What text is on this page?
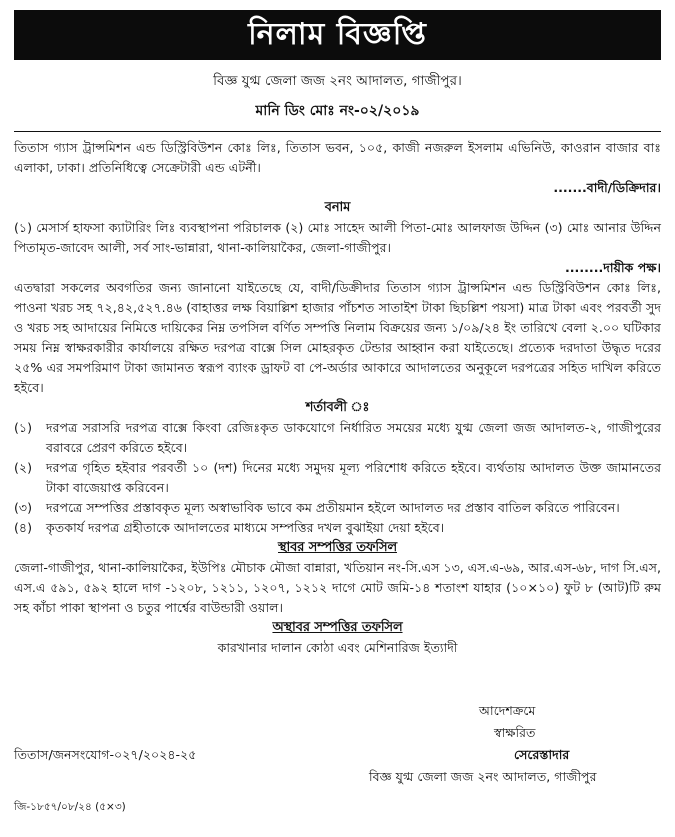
নিলাম বিজ্ঞপ্তি
বিজ্ঞ যুগ্ম জেলা জজ ২নং আদালত, গাজীপুর।
মানি ডিং মোঃ নং-০২/২০১৯

তিতাস গ্যাস ট্রান্সমিশন এন্ড ডিস্ট্রিবিউশন কোঃ লিঃ, তিতাস ভবন, ১০৫, কাজী নজরুল ইসলাম এভিনিউ, কাওরান বাজার বাঃ এলাকা, ঢাকা। প্রতিনিধিত্বে সেক্রেটারী এন্ড এটর্নী।

.......বাদী/ডিক্রিদার।

বনাম

(১) মেসার্স হাফসা ক্যাটারিং লিঃ ব্যবস্থাপনা পরিচালক (২) মোঃ সাহেদ আলী পিতা-মোঃ আলফাজ উদ্দিন (৩) মোঃ আনার উদ্দিন পিতামৃত-জাবেদ আলী, সর্ব সাং-ভান্নারা, থানা-কালিয়াকৈর, জেলা-গাজীপুর।

........দায়ীক পক্ষ।

এতদ্বারা সকলের অবগতির জন্য জানানো যাইতেছে যে, বাদী/ডিক্রীদার তিতাস গ্যাস ট্রান্সমিশন এন্ড ডিস্ট্রিবিউশন কোঃ লিঃ, পাওনা খরচ সহ ৭২,৪২,৫২৭.৪৬ (বাহাত্তর লক্ষ বিয়াল্লিশ হাজার পাঁচশত সাতাইশ টাকা ছিচল্লিশ পয়সা) মাত্র টাকা এবং পরবর্তী সুদ ও খরচ সহ আদায়ের নিমিত্তে দায়িকের নিম্ন তপসিল বর্ণিত সম্পত্তি নিলাম বিক্রয়ের জন্য ১/০৯/২৪ ইং তারিখে বেলা ২.০০ ঘটিকার সময় নিম্ন স্বাক্ষরকারীর কার্যালয়ে রক্ষিত দরপত্র বাক্সে সিল মোহরকৃত টেন্ডার আহ্বান করা যাইতেছে। প্রত্যেক দরদাতা উদ্ধৃত দরের ২৫% এর সমপরিমাণ টাকা জামানত স্বরূপ ব্যাংক ড্রাফট বা পে-অর্ডার আকারে আদালতের অনুকূলে দরপত্রের সহিত দাখিল করিতে হইবে।

শর্তাবলী ঃ

(১)	দরপত্র সরাসরি দরপত্র বাক্সে কিংবা রেজিঃকৃত ডাকযোগে নির্ধারিত সময়ের মধ্যে যুগ্ম জেলা জজ আদালত-২, গাজীপুরের বরাবরে প্রেরণ করিতে হইবে।
(২)	দরপত্র গৃহিত হইবার পরবর্তী ১০ (দশ) দিনের মধ্যে সমুদয় মূল্য পরিশোধ করিতে হইবে। ব্যর্থতায় আদালত উক্ত জামানতের টাকা বাজেয়াপ্ত করিবেন।
(৩)	দরপত্রে সম্পত্তির প্রস্তাবকৃত মূল্য অস্বাভাবিক ভাবে কম প্রতীয়মান হইলে আদালত দর প্রস্তাব বাতিল করিতে পারিবেন।
(৪)	কৃতকার্য দরপত্র গ্রহীতাকে আদালতের মাধ্যমে সম্পত্তির দখল বুঝাইয়া দেয়া হইবে।

স্থাবর সম্পত্তির তফসিল

জেলা-গাজীপুর, থানা-কালিয়াকৈর, ইউপিঃ মৌচাক মৌজা বান্নারা, খতিয়ান নং-সি.এস ১৩, এস.এ-৬৯, আর.এস-৬৮, দাগ সি.এস, এস.এ ৫৯১, ৫৯২ হালে দাগ -১২০৮, ১২১১, ১২০৭, ১২১২ দাগে মোট জমি-১৪ শতাংশ যাহার (১০×১০) ফুট ৮ (আট)টি রুম সহ কাঁচা পাকা স্থাপনা ও চতুর পার্শ্বের বাউন্ডারী ওয়াল।

অস্থাবর সম্পত্তির তফসিল

কারখানার দালান কোঠা এবং মেশিনারিজ ইত্যাদী

আদেশক্রমে
স্বাক্ষরিত
সেরেস্তাদার
বিজ্ঞ যুগ্ম জেলা জজ ২নং আদালত, গাজীপুর
তিতাস/জনসংযোগ-০২৭/২০২৪-২৫
জি-১৮৫৭/০৮/২৪ (৫×৩)
